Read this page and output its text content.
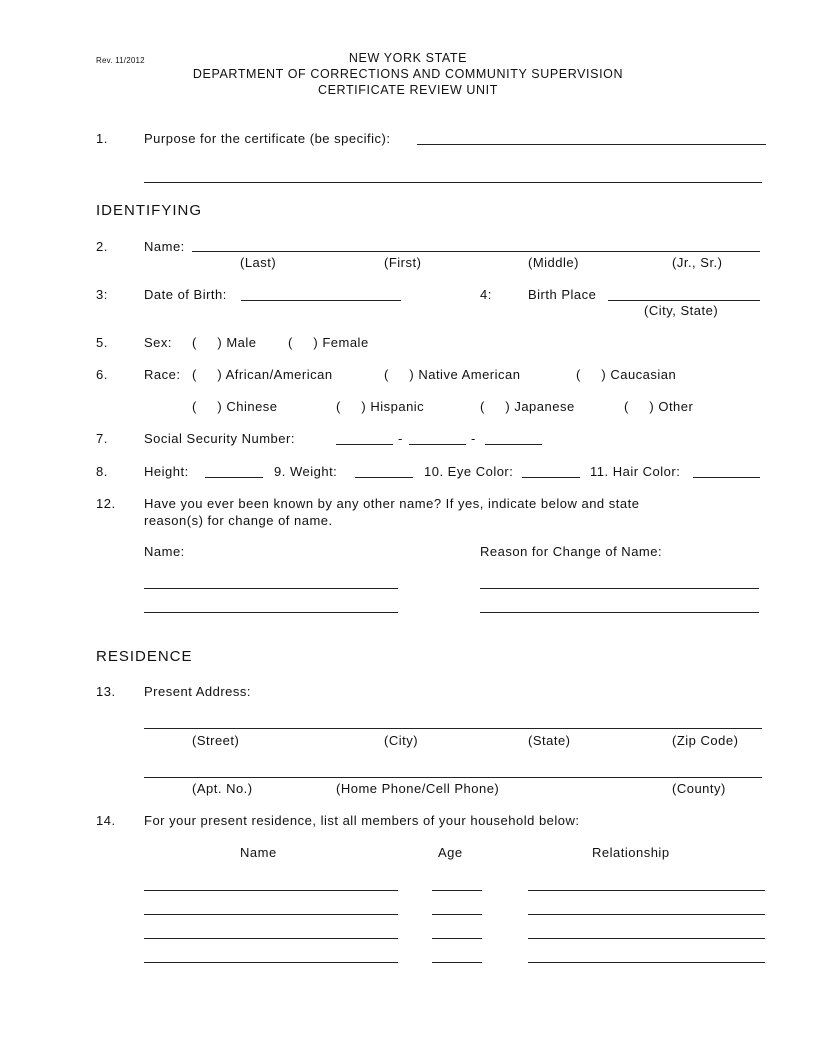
Rev. 11/2012	NEW YORK STATE
DEPARTMENT OF CORRECTIONS AND COMMUNITY SUPERVISION
CERTIFICATE REVIEW UNIT
1.	Purpose for the certificate (be specific):
IDENTIFYING
2.	Name:
(Last)	(First)	(Middle)	(Jr., Sr.)
3:	Date of Birth:	4:	Birth Place
(City, State)
5.	Sex: (     ) Male (     ) Female
6.	Race: (     ) African/American	(     ) Native American	(     ) Caucasian
(     ) Chinese	(     ) Hispanic	(     ) Japanese	(     ) Other
7.	Social Security Number:	-	-
8.	Height:	9. Weight:	10. Eye Color:	11. Hair Color:
12. Have you ever been known by any other name? If yes, indicate below and state
reason(s) for change of name.
Name:	Reason for Change of Name:
RESIDENCE
13. Present Address:
(Street)	(City)	(State)	(Zip Code)
(Apt. No.)	(Home Phone/Cell Phone)	(County)
14. For your present residence, list all members of your household below:
Name	Age	Relationship
